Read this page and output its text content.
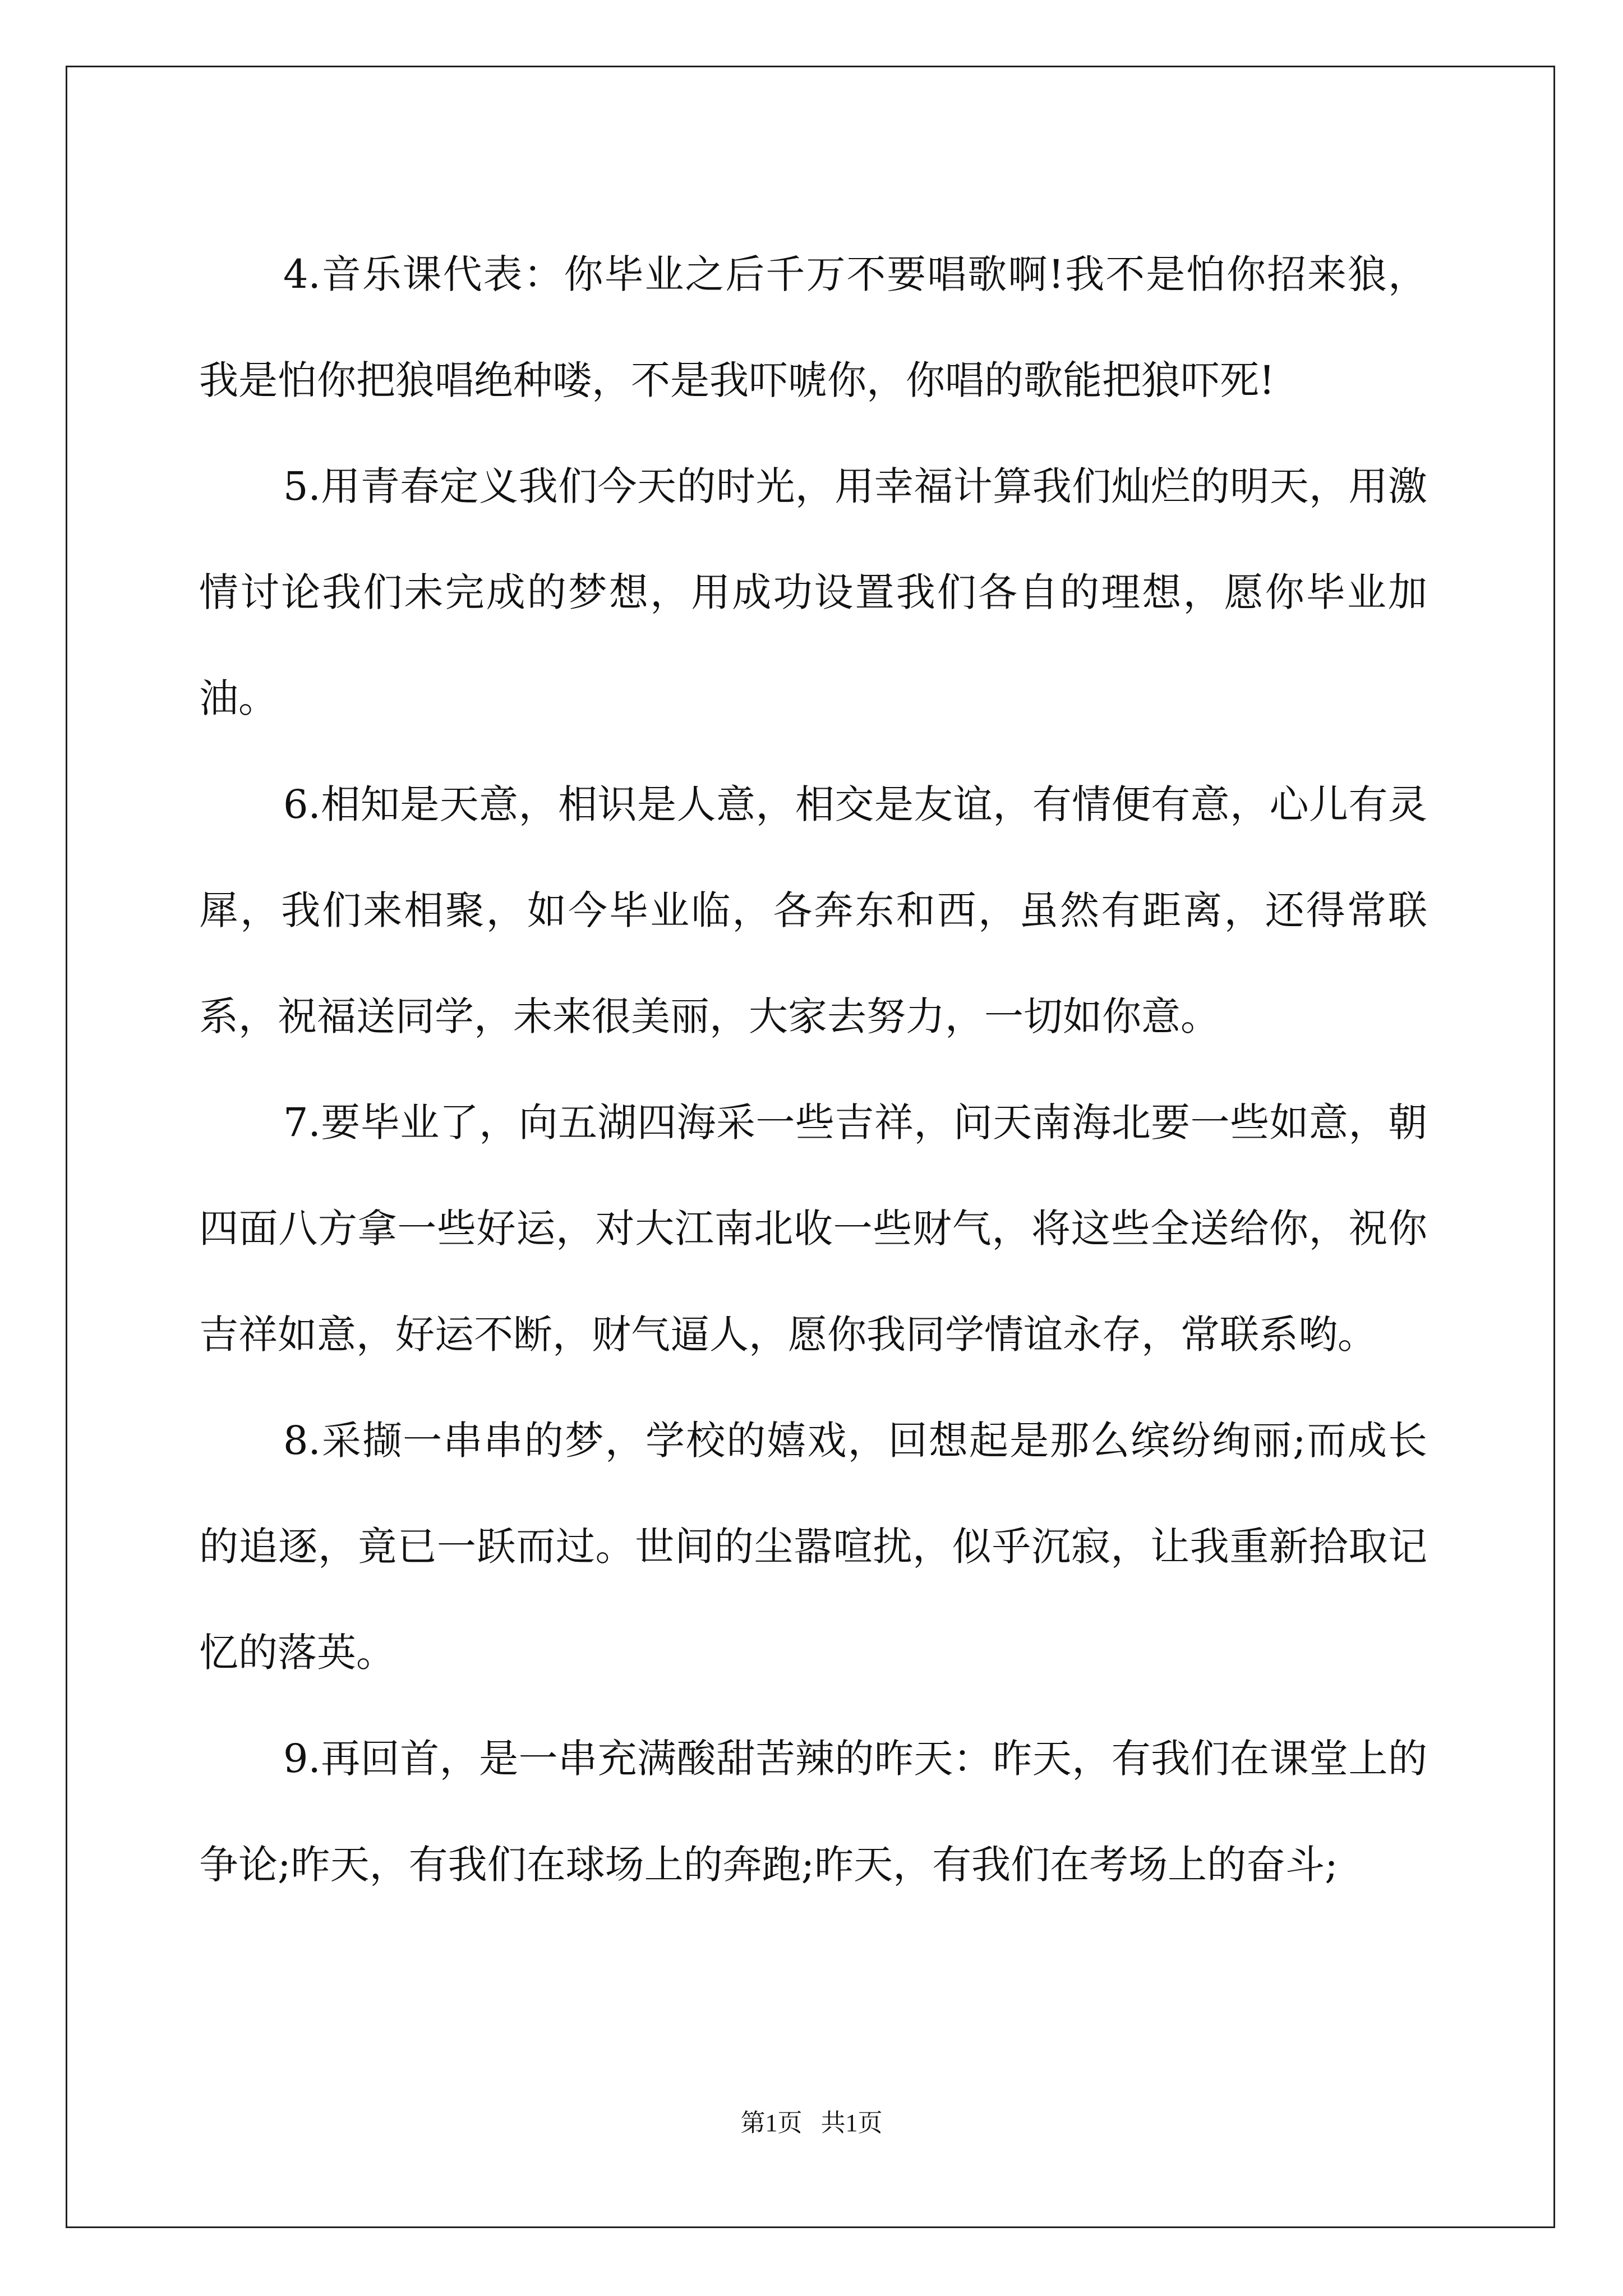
4.音乐课代表：你毕业之后千万不要唱歌啊!我不是怕你招来狼，我是怕你把狼唱绝种喽，不是我吓唬你，你唱的歌能把狼吓死!

5.用青春定义我们今天的时光，用幸福计算我们灿烂的明天，用激情讨论我们未完成的梦想，用成功设置我们各自的理想，愿你毕业加油。

6.相知是天意，相识是人意，相交是友谊，有情便有意，心儿有灵犀，我们来相聚，如今毕业临，各奔东和西，虽然有距离，还得常联系，祝福送同学，未来很美丽，大家去努力，一切如你意。

7.要毕业了，向五湖四海采一些吉祥，问天南海北要一些如意，朝四面八方拿一些好运，对大江南北收一些财气，将这些全送给你，祝你吉祥如意，好运不断，财气逼人，愿你我同学情谊永存，常联系哟。

8.采撷一串串的梦，学校的嬉戏，回想起是那么缤纷绚丽;而成长的追逐，竟已一跃而过。世间的尘嚣喧扰，似乎沉寂，让我重新拾取记忆的落英。

9.再回首，是一串充满酸甜苦辣的昨天：昨天，有我们在课堂上的争论;昨天，有我们在球场上的奔跑;昨天，有我们在考场上的奋斗;

第1页 共1页
